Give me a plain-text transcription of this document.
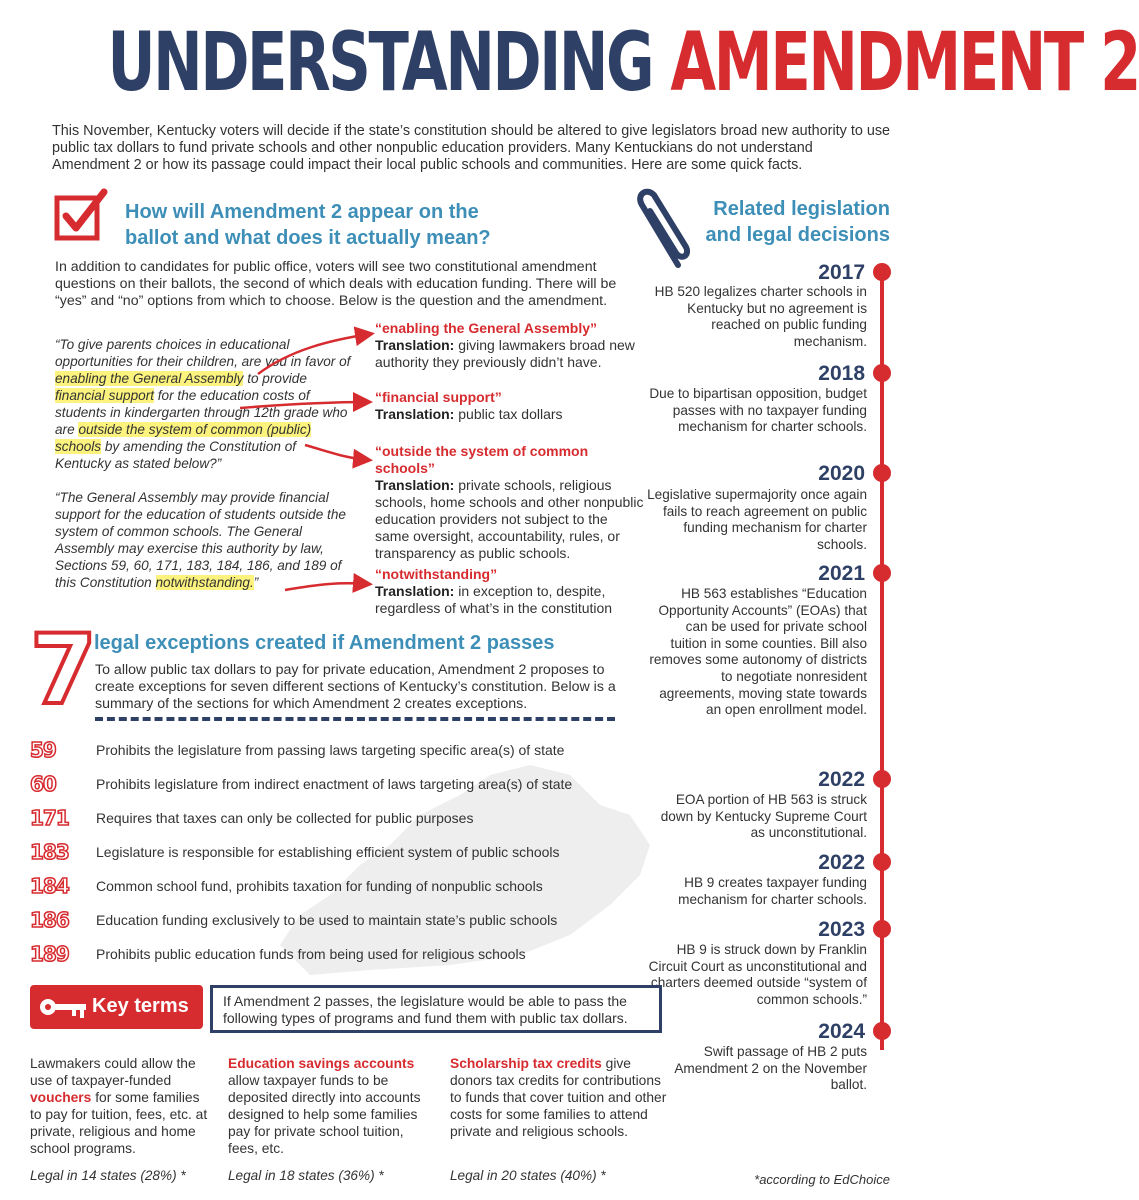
UNDERSTANDING AMENDMENT 2
This November, Kentucky voters will decide if the state’s constitution should be altered to give legislators broad new authority to use public tax dollars to fund private schools and other nonpublic education providers. Many Kentuckians do not understand Amendment 2 or how its passage could impact their local public schools and communities. Here are some quick facts.
How will Amendment 2 appear on the
ballot and what does it actually mean?
In addition to candidates for public office, voters will see two constitutional amendment questions on their ballots, the second of which deals with education funding. There will be “yes” and “no” options from which to choose. Below is the question and the amendment.

“To give parents choices in educational opportunities for their children, are you in favor of enabling the General Assembly to provide financial support for the education costs of students in kindergarten through 12th grade who are outside the system of common (public) schools by amending the Constitution of Kentucky as stated below?”

“The General Assembly may provide financial support for the education of students outside the system of common schools. The General Assembly may exercise this authority by law, Sections 59, 60, 171, 183, 184, 186, and 189 of this Constitution notwithstanding.”

“enabling the General Assembly”
Translation: giving lawmakers broad new authority they previously didn’t have.
“financial support”
Translation: public tax dollars
“outside the system of common schools”
Translation: private schools, religious schools, home schools and other nonpublic education providers not subject to the same oversight, accountability, rules, or transparency as public schools.
“notwithstanding”
Translation: in exception to, despite, regardless of what’s in the constitution
Related legislation
and legal decisions
2017
HB 520 legalizes charter schools in Kentucky but no agreement is reached on public funding mechanism.
2018
Due to bipartisan opposition, budget passes with no taxpayer funding mechanism for charter schools.
2020
Legislative supermajority once again fails to reach agreement on public funding mechanism for charter schools.
2021
HB 563 establishes “Education Opportunity Accounts” (EOAs) that can be used for private school tuition in some counties. Bill also removes some autonomy of districts to negotiate nonresident agreements, moving state towards an open enrollment model.
2022
EOA portion of HB 563 is struck down by Kentucky Supreme Court as unconstitutional.
2022
HB 9 creates taxpayer funding mechanism for charter schools.
2023
HB 9 is struck down by Franklin Circuit Court as unconstitutional and charters deemed outside “system of common schools.”
2024
Swift passage of HB 2 puts Amendment 2 on the November ballot.
7
legal exceptions created if Amendment 2 passes
To allow public tax dollars to pay for private education, Amendment 2 proposes to create exceptions for seven different sections of Kentucky’s constitution. Below is a summary of the sections for which Amendment 2 creates exceptions.
59	Prohibits the legislature from passing laws targeting specific area(s) of state
60	Prohibits legislature from indirect enactment of laws targeting area(s) of state
171	Requires that taxes can only be collected for public purposes
183	Legislature is responsible for establishing efficient system of public schools
184	Common school fund, prohibits taxation for funding of nonpublic schools
186	Education funding exclusively to be used to maintain state’s public schools
189	Prohibits public education funds from being used for religious schools
Key terms If Amendment 2 passes, the legislature would be able to pass the following types of programs and fund them with public tax dollars.
Lawmakers could allow the use of taxpayer-funded vouchers for some families to pay for tuition, fees, etc. at private, religious and home school programs.
Legal in 14 states (28%) *
Education savings accounts allow taxpayer funds to be deposited directly into accounts designed to help some families pay for private school tuition, fees, etc.
Legal in 18 states (36%) *
Scholarship tax credits give donors tax credits for contributions to funds that cover tuition and other costs for some families to attend private and religious schools.
Legal in 20 states (40%) *	*according to EdChoice
